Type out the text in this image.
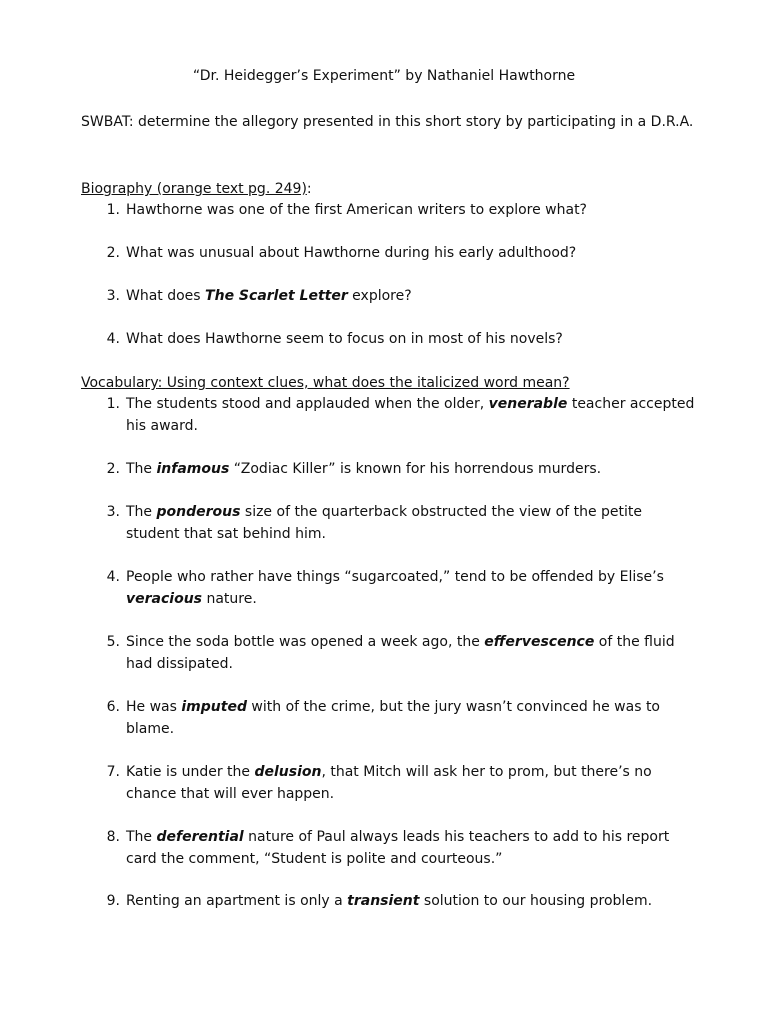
“Dr. Heidegger’s Experiment” by Nathaniel Hawthorne
SWBAT: determine the allegory presented in this short story by participating in a D.R.A.
Biography (orange text pg. 249):
1. Hawthorne was one of the first American writers to explore what?
2. What was unusual about Hawthorne during his early adulthood?
3. What does The Scarlet Letter explore?
4. What does Hawthorne seem to focus on in most of his novels?
Vocabulary: Using context clues, what does the italicized word mean?
1. The students stood and applauded when the older, venerable teacher accepted his award.
2. The infamous “Zodiac Killer” is known for his horrendous murders.
3. The ponderous size of the quarterback obstructed the view of the petite student that sat behind him.
4. People who rather have things “sugarcoated,” tend to be offended by Elise’s veracious nature.
5. Since the soda bottle was opened a week ago, the effervescence of the fluid had dissipated.
6. He was imputed with of the crime, but the jury wasn’t convinced he was to blame.
7. Katie is under the delusion, that Mitch will ask her to prom, but there’s no chance that will ever happen.
8. The deferential nature of Paul always leads his teachers to add to his report card the comment, “Student is polite and courteous.”
9. Renting an apartment is only a transient solution to our housing problem.
